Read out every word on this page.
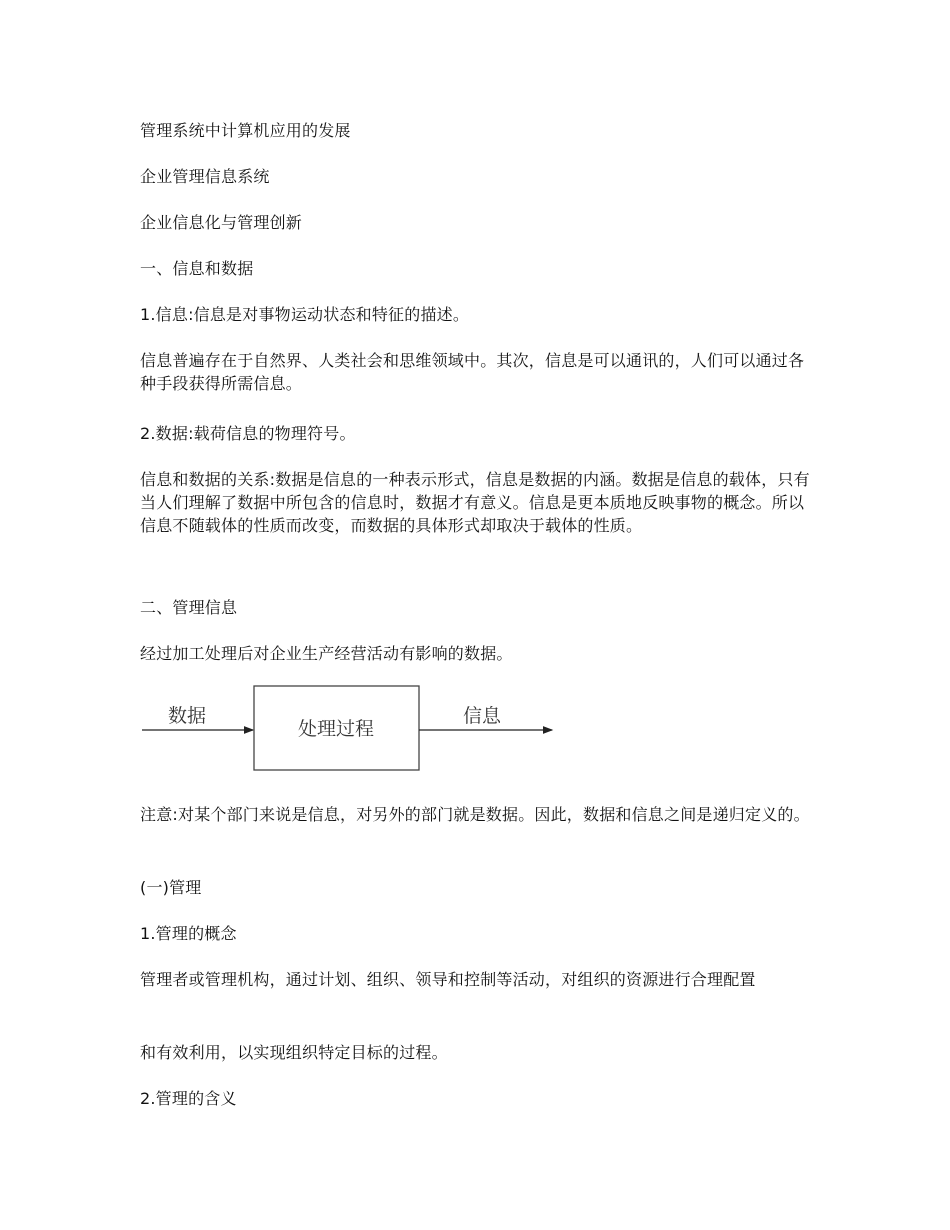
管理系统中计算机应用的发展

企业管理信息系统

企业信息化与管理创新

一、信息和数据

1.信息:信息是对事物运动状态和特征的描述。

信息普遍存在于自然界、人类社会和思维领域中。其次，信息是可以通讯的，人们可以通过各种手段获得所需信息。

2.数据:载荷信息的物理符号。

信息和数据的关系:数据是信息的一种表示形式，信息是数据的内涵。数据是信息的载体，只有当人们理解了数据中所包含的信息时，数据才有意义。信息是更本质地反映事物的概念。所以信息不随载体的性质而改变，而数据的具体形式却取决于载体的性质。

二、管理信息

经过加工处理后对企业生产经营活动有影响的数据。

数据
处理过程
信息

注意:对某个部门来说是信息，对另外的部门就是数据。因此，数据和信息之间是递归定义的。

(一)管理

1.管理的概念

管理者或管理机构，通过计划、组织、领导和控制等活动，对组织的资源进行合理配置

和有效利用，以实现组织特定目标的过程。

2.管理的含义
